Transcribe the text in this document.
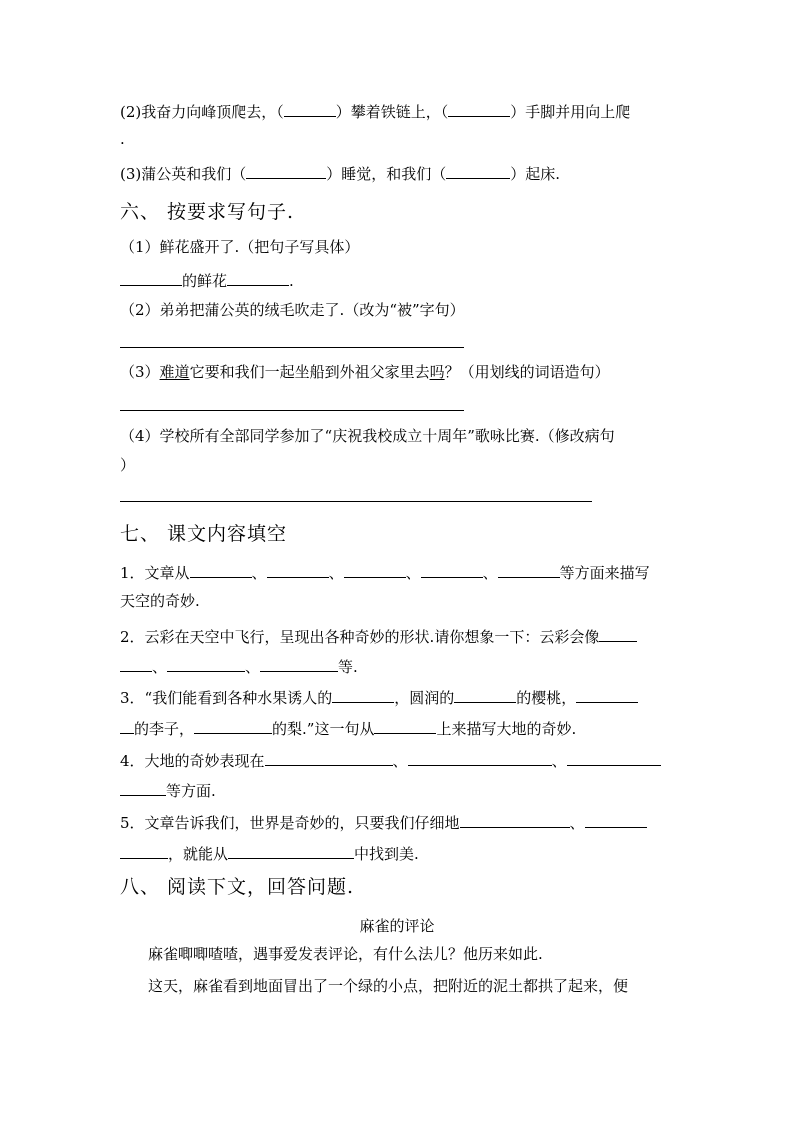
(2)我奋力向峰顶爬去，（	）攀着铁链上，（	）手脚并用向上爬
.
(3)蒲公英和我们（	）睡觉，和我们（	）起床.
六、 按要求写句子.
（1）鲜花盛开了.（把句子写具体）
的鲜花	.
（2）弟弟把蒲公英的绒毛吹走了.（改为“被”字句）
（3）难道它要和我们一起坐船到外祖父家里去吗？（用划线的词语造句）
（4）学校所有全部同学参加了“庆祝我校成立十周年”歌咏比赛.（修改病句
）
七、 课文内容填空
1．文章从	、	、	、	、	等方面来描写
天空的奇妙.
2．云彩在天空中飞行，呈现出各种奇妙的形状.请你想象一下：云彩会像
、	、	等.
3．“我们能看到各种水果诱人的	，圆润的	的樱桃，
的李子，	的梨.”这一句从	上来描写大地的奇妙.
4．大地的奇妙表现在	、	、
等方面.
5．文章告诉我们，世界是奇妙的，只要我们仔细地	、
，就能从	中找到美.
八、 阅读下文，回答问题.
麻雀的评论
麻雀唧唧喳喳，遇事爱发表评论，有什么法儿？他历来如此.
这天，麻雀看到地面冒出了一个绿的小点，把附近的泥土都拱了起来，便
